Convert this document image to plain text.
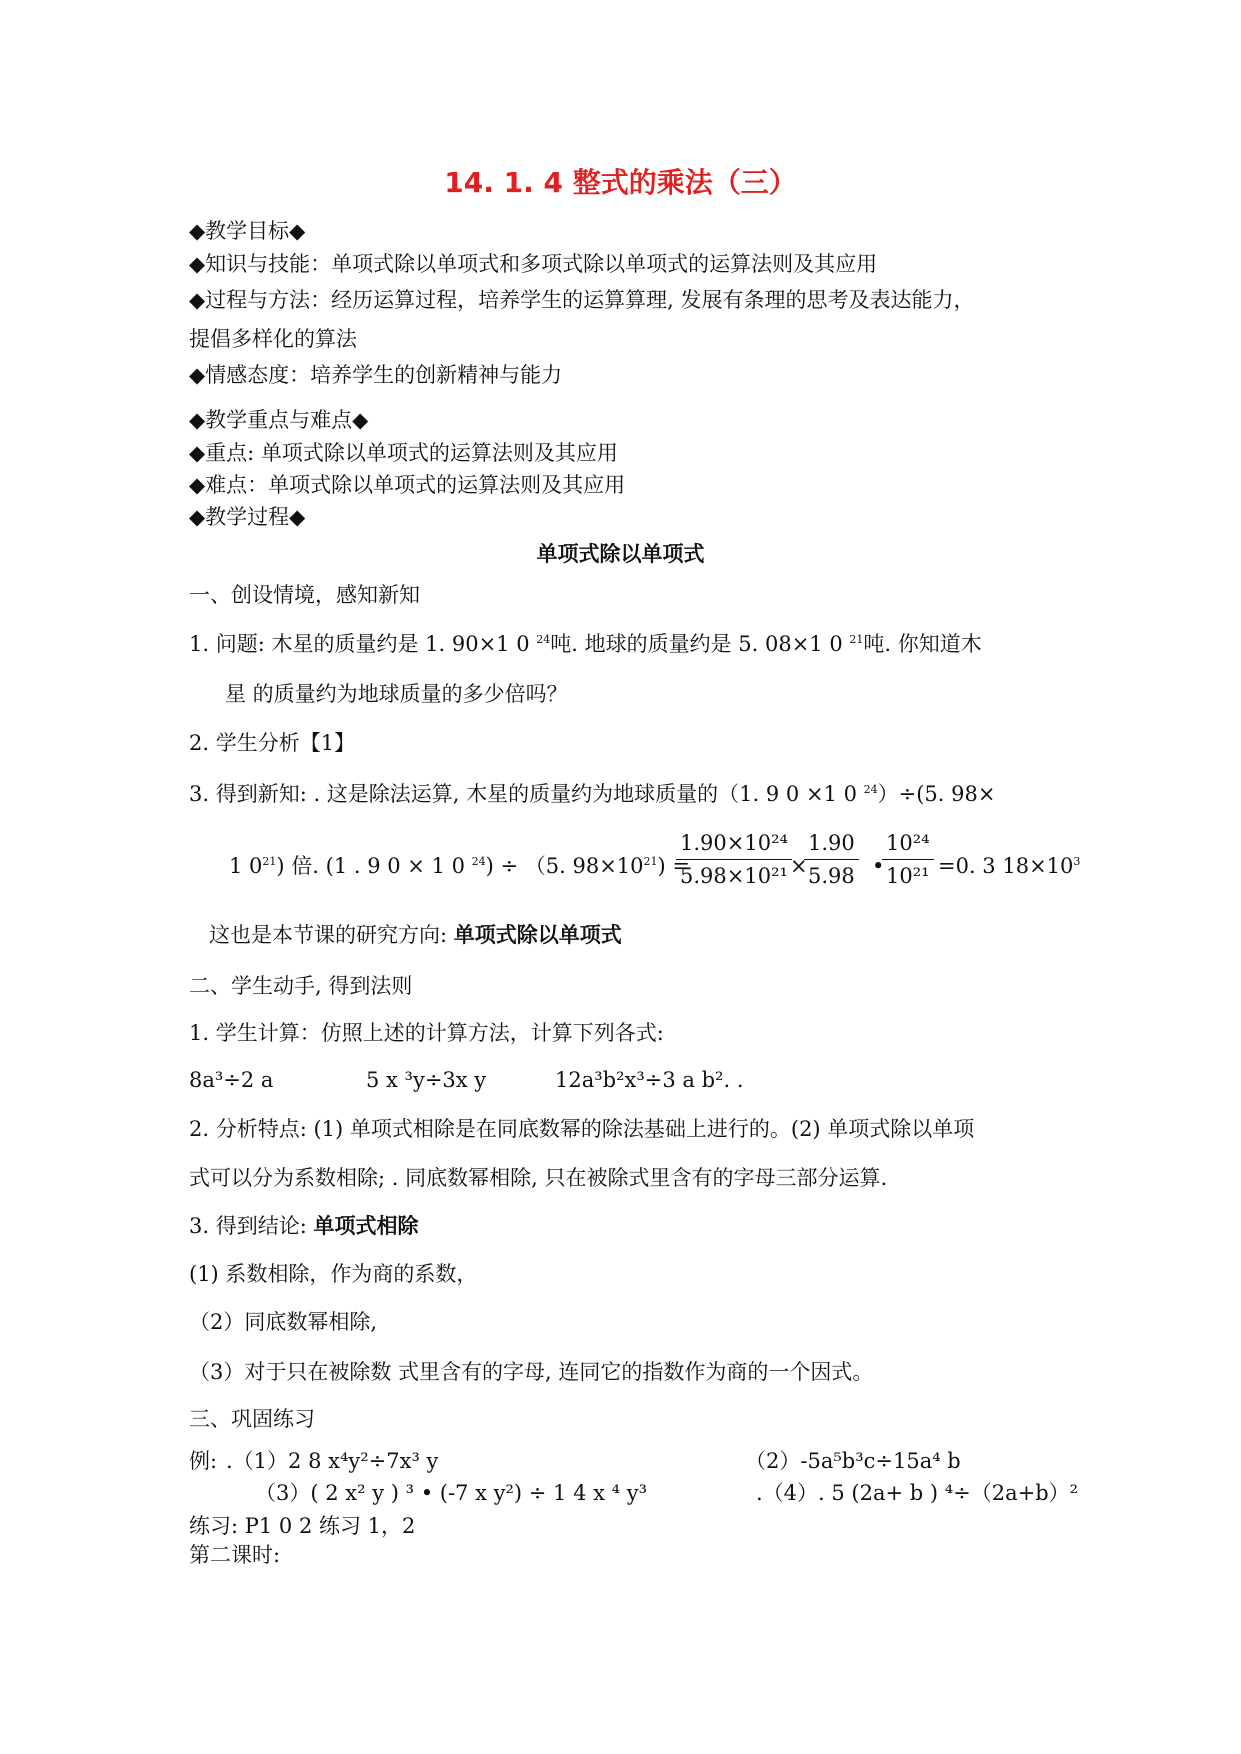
14. 1. 4 整式的乘法（三）
◆教学目标◆
◆知识与技能：单项式除以单项式和多项式除以单项式的运算法则及其应用
◆过程与方法：经历运算过程，培养学生的运算算理, 发展有条理的思考及表达能力，
提倡多样化的算法
◆情感态度：培养学生的创新精神与能力
◆教学重点与难点◆
◆重点: 单项式除以单项式的运算法则及其应用
◆难点：单项式除以单项式的运算法则及其应用
◆教学过程◆
单项式除以单项式
一、创设情境，感知新知
1. 问题: 木星的质量约是 1. 90×1 0 $^{24}$吨. 地球的质量约是 5. 08×1 0 $^{21}$吨. 你知道木
星 的质量约为地球质量的多少倍吗？
2. 学生分析【1】
3. 得到新知: . 这是除法运算, 木星的质量约为地球质量的（1. 9 0 ×1 0 $^{24}$）÷(5. 98×
1 $0^{21}$) 倍. (1 . 9 0 × 1 0 $^{24}$) ÷ （5. $98\times 10^{21}$) =
$\frac{\text{1.90×10²⁴}}{\text{5.98×10²¹}}$
×
$\frac{1.90}{5.98}$ •
$\frac{\text{10²⁴}}{\text{10²¹}} =0$. 3 $18\times 10^3$
这也是本节课的研究方向: 单项式除以单项式
二、学生动手, 得到法则
1. 学生计算：仿照上述的计算方法，计算下列各式:
8a³÷2 a	5 x ³y÷3x y	12a³b²x³÷3 a b². .
2. 分析特点: (1) 单项式相除是在同底数幂的除法基础上进行的。(2) 单项式除以单项
式可以分为系数相除; . 同底数幂相除, 只在被除式里含有的字母三部分运算.
3. 得到结论: 单项式相除
(1) 系数相除，作为商的系数，
（2）同底数幂相除,
（3）对于只在被除数 式里含有的字母, 连同它的指数作为商的一个因式。
三、巩固练习
例: .（1）2 8 x⁴y²÷7x³ y	（2）-5a⁵b³c÷15a⁴ b
（3）( 2 x² y ) ³ • (-7 x y²) ÷ 1 4 x ⁴ y³	.（4）. 5 (2a+ b ) ⁴÷（2a+b）²
练习: P1 0 2 练习 1，2
第二课时:
